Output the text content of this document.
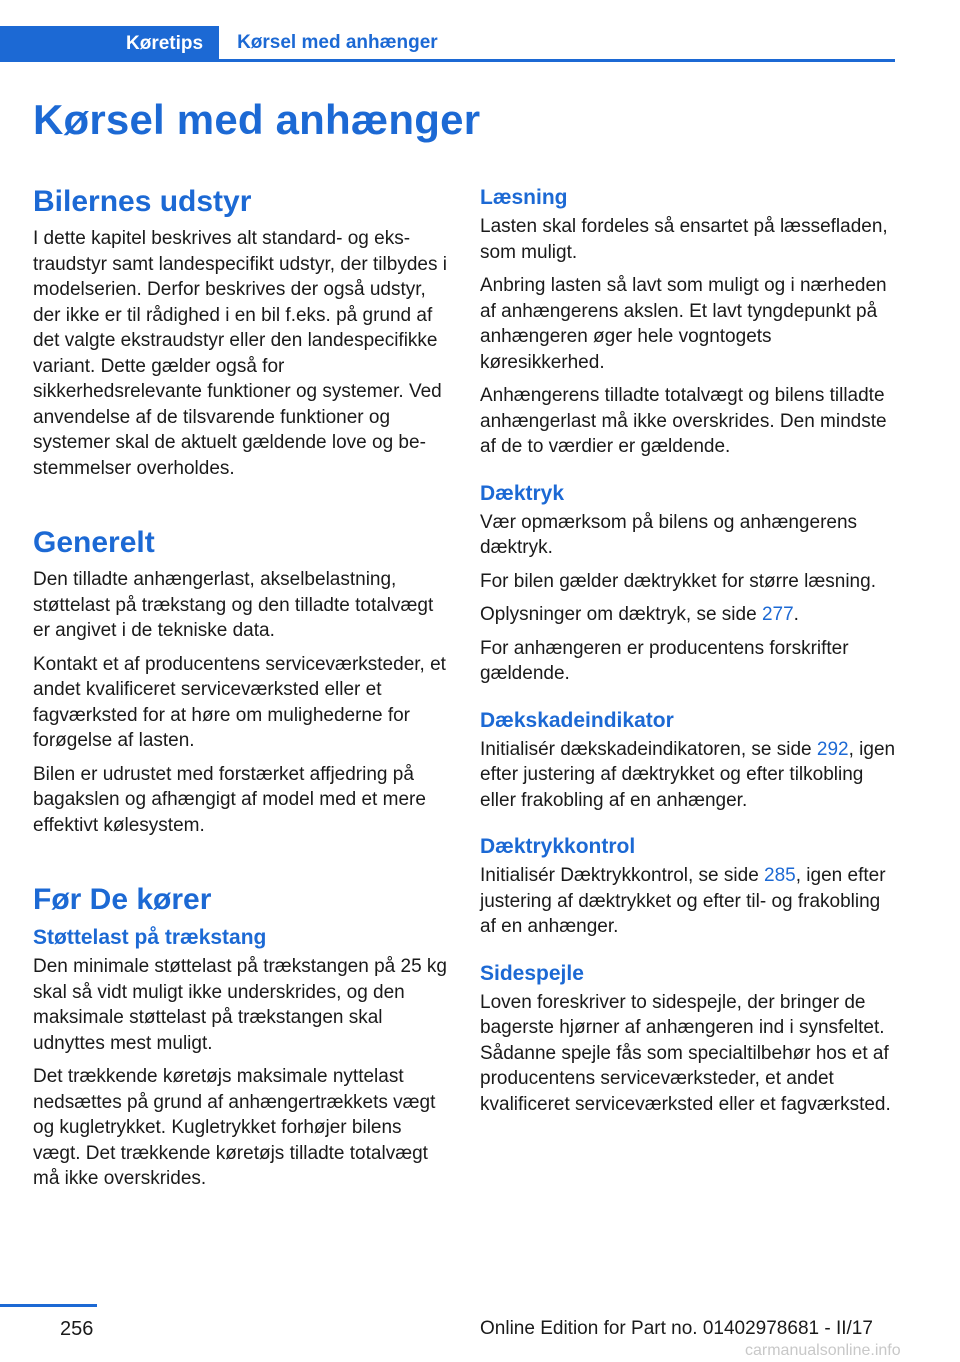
Køretips	Kørsel med anhænger
Kørsel med anhænger
Bilernes udstyr

I dette kapitel beskrives alt standard- og ekstraudstyr samt landespecifikt udstyr, der tilbydes i modelserien. Derfor beskrives der også udstyr, der ikke er til rådighed i en bil f.eks. på grund af det valgte ekstraudstyr eller den landespecifikke variant. Dette gælder også for sikkerhedsrelevante funktioner og systemer. Ved anvendelse af de tilsvarende funktioner og systemer skal de aktuelt gældende love og bestemmelser overholdes.

Generelt

Den tilladte anhængerlast, akselbelastning, støttelast på trækstang og den tilladte totalvægt er angivet i de tekniske data.

Kontakt et af producentens serviceværksteder, et andet kvalificeret serviceværksted eller et fagværksted for at høre om mulighederne for forøgelse af lasten.

Bilen er udrustet med forstærket affjedring på bagakslen og afhængigt af model med et mere effektivt kølesystem.

Før De kører
Støttelast på trækstang

Den minimale støttelast på trækstangen på 25 kg skal så vidt muligt ikke underskrides, og den maksimale støttelast på trækstangen skal udnyttes mest muligt.

Det trækkende køretøjs maksimale nyttelast nedsættes på grund af anhængertrækkets vægt og kugletrykket. Kugletrykket forhøjer bilens vægt. Det trækkende køretøjs tilladte totalvægt må ikke overskrides.

Læsning

Lasten skal fordeles så ensartet på læssefladen, som muligt.

Anbring lasten så lavt som muligt og i nærheden af anhængerens akslen. Et lavt tyngdepunkt på anhængeren øger hele vogntogets køresikkerhed.

Anhængerens tilladte totalvægt og bilens tilladte anhængerlast må ikke overskrides. Den mindste af de to værdier er gældende.

Dæktryk

Vær opmærksom på bilens og anhængerens dæktryk.

For bilen gælder dæktrykket for større læsning.

Oplysninger om dæktryk, se side 277.

For anhængeren er producentens forskrifter gældende.

Dækskadeindikator

Initialisér dækskadeindikatoren, se side 292, igen efter justering af dæktrykket og efter tilkobling eller frakobling af en anhænger.

Dæktrykkontrol

Initialisér Dæktrykkontrol, se side 285, igen efter justering af dæktrykket og efter til- og frakobling af en anhænger.

Sidespejle

Loven foreskriver to sidespejle, der bringer de bagerste hjørner af anhængeren ind i synsfeltet. Sådanne spejle fås som specialtilbehør hos et af producentens serviceværksteder, et andet kvalificeret serviceværksted eller et fagværksted.

256	Online Edition for Part no. 01402978681 - II/17
carmanualsonline.info
